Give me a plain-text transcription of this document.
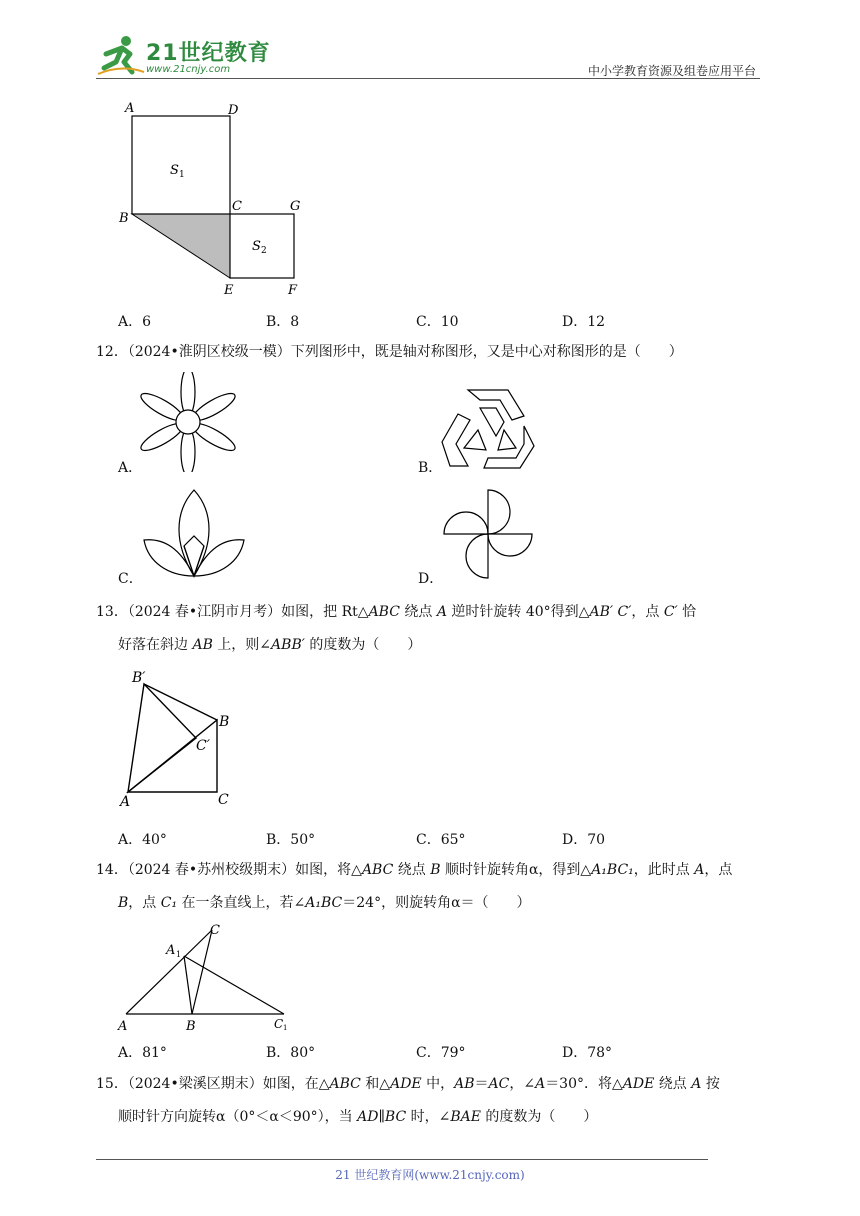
21世纪教育
www.21cnjy.com	中小学教育资源及组卷应用平台
A	D
B
C	G
E	F
S 1
S 2
A．6	B．8	C．10	D．12
12．（2024•淮阴区校级一模）下列图形中，既是轴对称图形，又是中心对称图形的是（　　）
A．	B．
C．	D．
13．（2024 春•江阴市月考）如图，把 Rt△ABC 绕点 A 逆时针旋转 40°得到△AB′ C′，点 C′ 恰
好落在斜边 AB 上，则∠ABB′ 的度数为（　　）
B′
B
C′
A	C
A．40°	B．50°	C．65°	D．70
14．（2024 春•苏州校级期末）如图，将△ABC 绕点 B 顺时针旋转角α，得到△A₁BC₁，此时点 A，点
B，点 C₁ 在一条直线上，若∠A₁BC＝24°，则旋转角α＝（　　）
A 1
C
A	B	C 1
A．81°	B．80°	C．79°	D．78°
15．（2024•梁溪区期末）如图，在△ABC 和△ADE 中，AB＝AC，∠A＝30°．将△ADE 绕点 A 按
顺时针方向旋转α（0°＜α＜90°），当 AD∥BC 时，∠BAE 的度数为（　　）
21 世纪教育网(www.21cnjy.com)
